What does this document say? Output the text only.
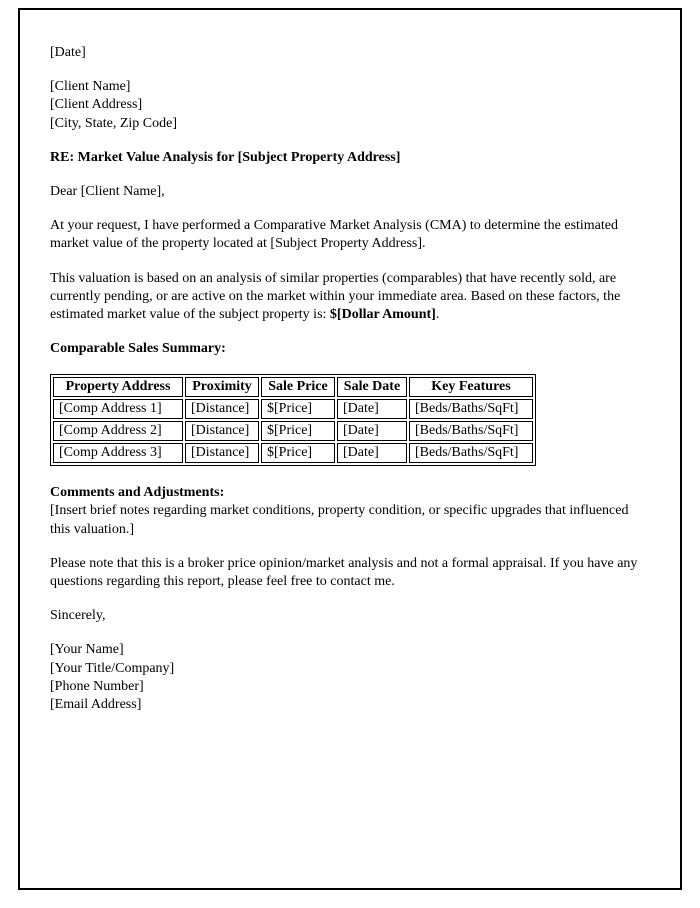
[Date]

[Client Name]
[Client Address]
[City, State, Zip Code]

RE: Market Value Analysis for [Subject Property Address]

Dear [Client Name],

At your request, I have performed a Comparative Market Analysis (CMA) to determine the estimated market value of the property located at [Subject Property Address].

This valuation is based on an analysis of similar properties (comparables) that have recently sold, are currently pending, or are active on the market within your immediate area. Based on these factors, the estimated market value of the subject property is: $[Dollar Amount].

Comparable Sales Summary:

Property Address	Proximity	Sale Price	Sale Date	Key Features
[Comp Address 1]	[Distance]	$[Price]	[Date]	[Beds/Baths/SqFt]
[Comp Address 2]	[Distance]	$[Price]	[Date]	[Beds/Baths/SqFt]
[Comp Address 3]	[Distance]	$[Price]	[Date]	[Beds/Baths/SqFt]
Comments and Adjustments:
[Insert brief notes regarding market conditions, property condition, or specific upgrades that influenced this valuation.]

Please note that this is a broker price opinion/market analysis and not a formal appraisal. If you have any questions regarding this report, please feel free to contact me.

Sincerely,

[Your Name]
[Your Title/Company]
[Phone Number]
[Email Address]
